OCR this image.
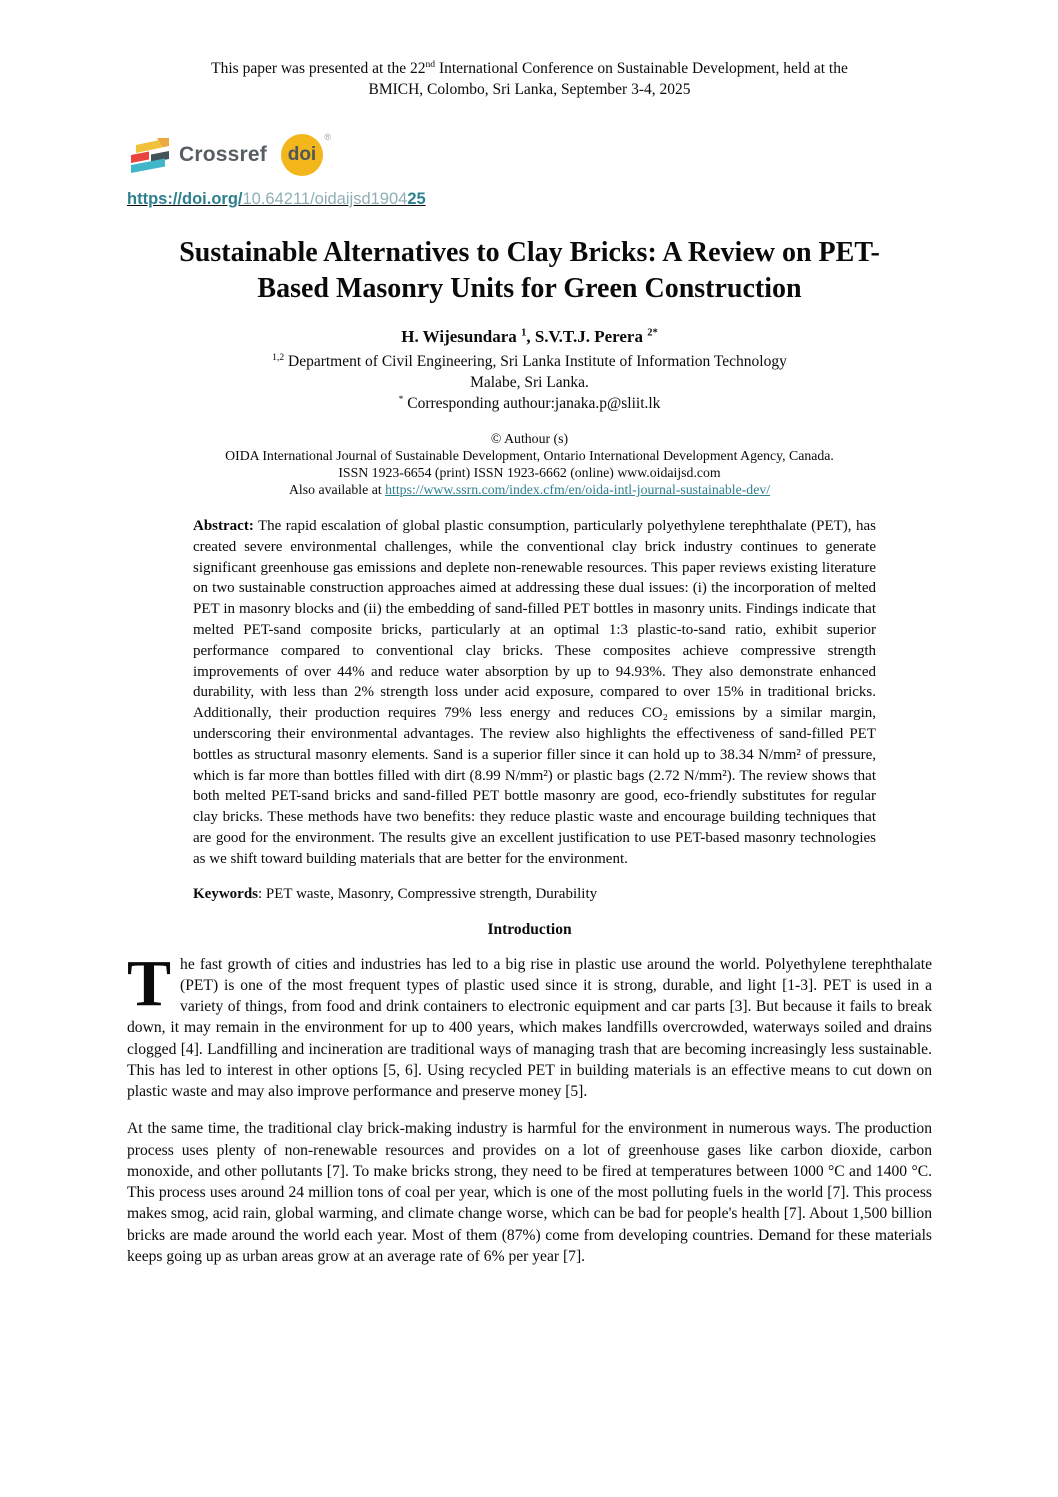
This paper was presented at the 22nd International Conference on Sustainable Development, held at the
BMICH, Colombo, Sri Lanka, September 3-4, 2025
Crossref	doi
®
https://doi.org/10.64211/oidaijsd190425
Sustainable Alternatives to Clay Bricks: A Review on PET-
Based Masonry Units for Green Construction
H. Wijesundara $^1$, S.V.T.J. Perera $^{2*}$
$^{1,2}$ Department of Civil Engineering, Sri Lanka Institute of Information Technology
Malabe, Sri Lanka.
* Corresponding authour:janaka.p@sliit.lk
© Authour (s)
OIDA International Journal of Sustainable Development, Ontario International Development Agency, Canada.
ISSN 1923-6654 (print) ISSN 1923-6662 (online) www.oidaijsd.com
Also available at https://www.ssrn.com/index.cfm/en/oida-intl-journal-sustainable-dev/

Abstract: The rapid escalation of global plastic consumption, particularly polyethylene terephthalate (PET), has created severe environmental challenges, while the conventional clay brick industry continues to generate significant greenhouse gas emissions and deplete non-renewable resources. This paper reviews existing literature on two sustainable construction approaches aimed at addressing these dual issues: (i) the incorporation of melted PET in masonry blocks and (ii) the embedding of sand-filled PET bottles in masonry units. Findings indicate that melted PET-sand composite bricks, particularly at an optimal 1:3 plastic-to-sand ratio, exhibit superior performance compared to conventional clay bricks. These composites achieve compressive strength improvements of over 44% and reduce water absorption by up to 94.93%. They also demonstrate enhanced durability, with less than 2% strength loss under acid exposure, compared to over 15% in traditional bricks. Additionally, their production requires 79% less energy and reduces CO₂ emissions by a similar margin, underscoring their environmental advantages. The review also highlights the effectiveness of sand-filled PET bottles as structural masonry elements. Sand is a superior filler since it can hold up to 38.34 N/mm² of pressure, which is far more than bottles filled with dirt (8.99 N/mm²) or plastic bags (2.72 N/mm²). The review shows that both melted PET-sand bricks and sand-filled PET bottle masonry are good, eco-friendly substitutes for regular clay bricks. These methods have two benefits: they reduce plastic waste and encourage building techniques that are good for the environment. The results give an excellent justification to use PET-based masonry technologies as we shift toward building materials that are better for the environment.

Keywords: PET waste, Masonry, Compressive strength, Durability
Introduction

The fast growth of cities and industries has led to a big rise in plastic use around the world. Polyethylene terephthalate (PET) is one of the most frequent types of plastic used since it is strong, durable, and light [1-3]. PET is used in a variety of things, from food and drink containers to electronic equipment and car parts [3]. But because it fails to break down, it may remain in the environment for up to 400 years, which makes landfills overcrowded, waterways soiled and drains clogged [4]. Landfilling and incineration are traditional ways of managing trash that are becoming increasingly less sustainable. This has led to interest in other options [5, 6]. Using recycled PET in building materials is an effective means to cut down on plastic waste and may also improve performance and preserve money [5].

At the same time, the traditional clay brick-making industry is harmful for the environment in numerous ways. The production process uses plenty of non-renewable resources and provides on a lot of greenhouse gases like carbon dioxide, carbon monoxide, and other pollutants [7]. To make bricks strong, they need to be fired at temperatures between 1000 °C and 1400 °C. This process uses around 24 million tons of coal per year, which is one of the most polluting fuels in the world [7]. This process makes smog, acid rain, global warming, and climate change worse, which can be bad for people's health [7]. About 1,500 billion bricks are made around the world each year. Most of them (87%) come from developing countries. Demand for these materials keeps going up as urban areas grow at an average rate of 6% per year [7].
